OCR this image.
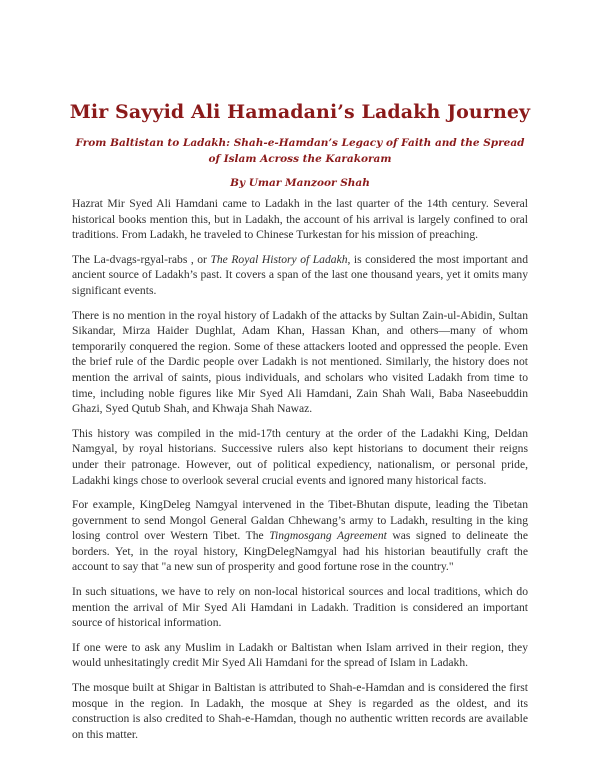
Mir Sayyid Ali Hamadani’s Ladakh Journey
From Baltistan to Ladakh: Shah-e-Hamdan’s Legacy of Faith and the Spread of Islam Across the Karakoram
By Umar Manzoor Shah

Hazrat Mir Syed Ali Hamdani came to Ladakh in the last quarter of the 14th century. Several historical books mention this, but in Ladakh, the account of his arrival is largely confined to oral traditions. From Ladakh, he traveled to Chinese Turkestan for his mission of preaching.

The La-dvags-rgyal-rabs , or The Royal History of Ladakh, is considered the most important and ancient source of Ladakh’s past. It covers a span of the last one thousand years, yet it omits many significant events.

There is no mention in the royal history of Ladakh of the attacks by Sultan Zain-ul-Abidin, Sultan Sikandar, Mirza Haider Dughlat, Adam Khan, Hassan Khan, and others—many of whom temporarily conquered the region. Some of these attackers looted and oppressed the people. Even the brief rule of the Dardic people over Ladakh is not mentioned. Similarly, the history does not mention the arrival of saints, pious individuals, and scholars who visited Ladakh from time to time, including noble figures like Mir Syed Ali Hamdani, Zain Shah Wali, Baba Naseebuddin Ghazi, Syed Qutub Shah, and Khwaja Shah Nawaz.

This history was compiled in the mid-17th century at the order of the Ladakhi King, Deldan Namgyal, by royal historians. Successive rulers also kept historians to document their reigns under their patronage. However, out of political expediency, nationalism, or personal pride, Ladakhi kings chose to overlook several crucial events and ignored many historical facts.

For example, KingDeleg Namgyal intervened in the Tibet-Bhutan dispute, leading the Tibetan government to send Mongol General Galdan Chhewang’s army to Ladakh, resulting in the king losing control over Western Tibet. The Tingmosgang Agreement was signed to delineate the borders. Yet, in the royal history, KingDelegNamgyal had his historian beautifully craft the account to say that "a new sun of prosperity and good fortune rose in the country."

In such situations, we have to rely on non-local historical sources and local traditions, which do mention the arrival of Mir Syed Ali Hamdani in Ladakh. Tradition is considered an important source of historical information.

If one were to ask any Muslim in Ladakh or Baltistan when Islam arrived in their region, they would unhesitatingly credit Mir Syed Ali Hamdani for the spread of Islam in Ladakh.

The mosque built at Shigar in Baltistan is attributed to Shah-e-Hamdan and is considered the first mosque in the region. In Ladakh, the mosque at Shey is regarded as the oldest, and its construction is also credited to Shah-e-Hamdan, though no authentic written records are available on this matter.
